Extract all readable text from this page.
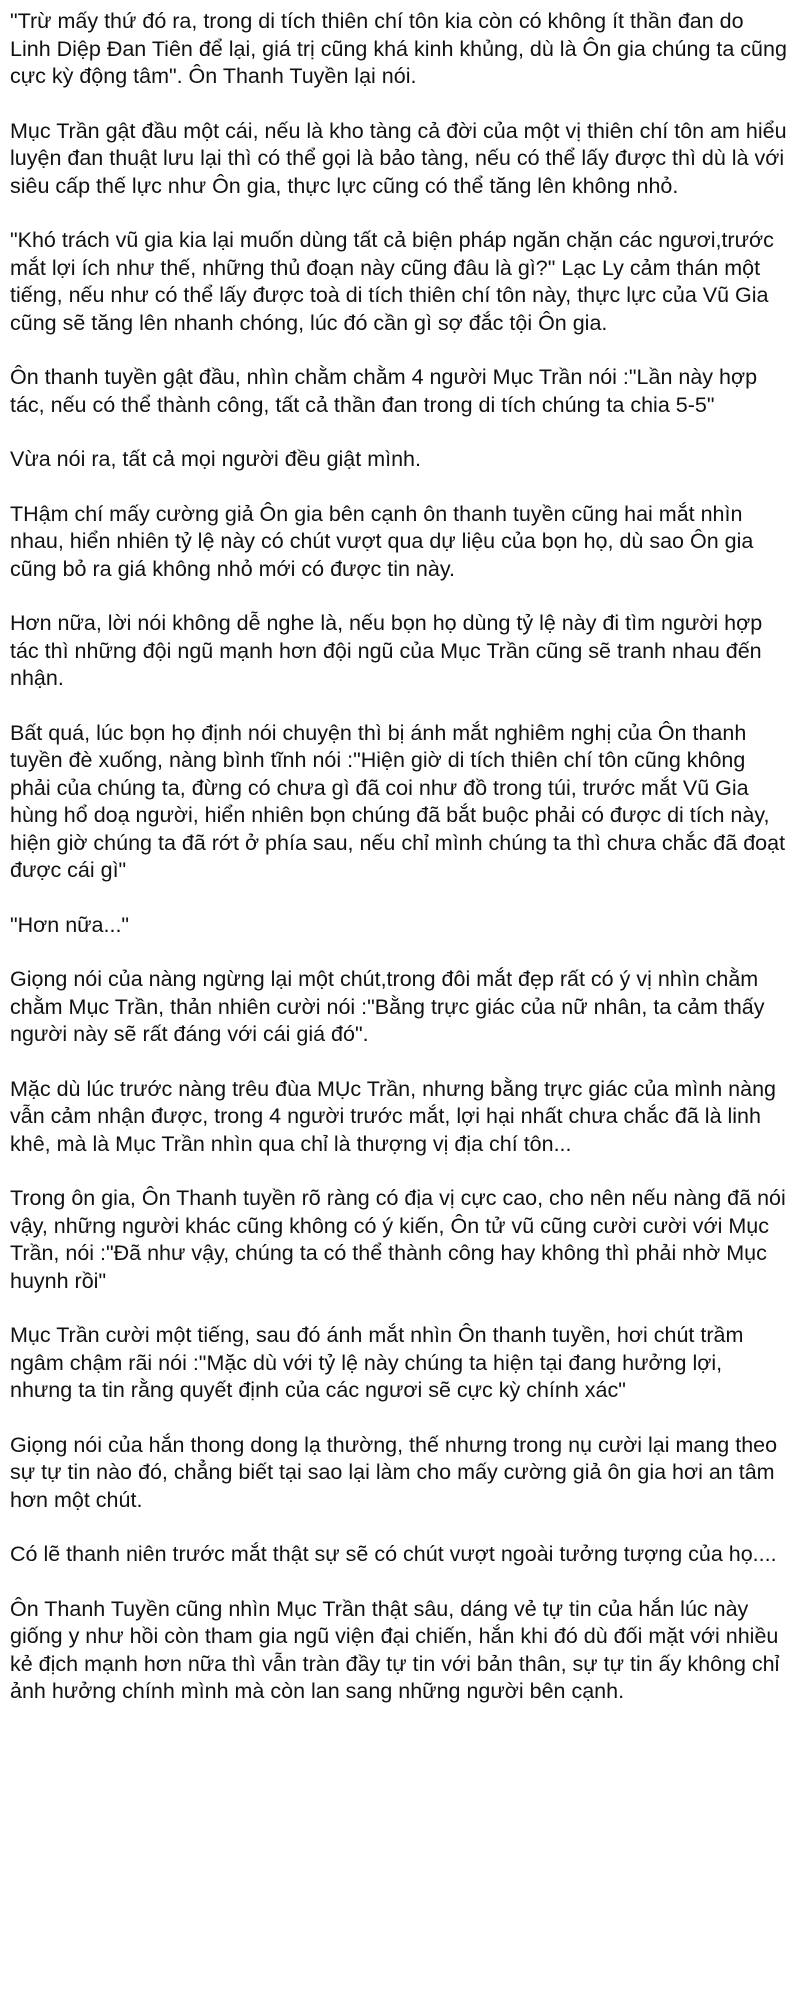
"Trừ mấy thứ đó ra, trong di tích thiên chí tôn kia còn có không ít thần đan do Linh Diệp Đan Tiên để lại, giá trị cũng khá kinh khủng, dù là Ôn gia chúng ta cũng cực kỳ động tâm". Ôn Thanh Tuyền lại nói.

Mục Trần gật đầu một cái, nếu là kho tàng cả đời của một vị thiên chí tôn am hiểu luyện đan thuật lưu lại thì có thể gọi là bảo tàng, nếu có thể lấy được thì dù là với siêu cấp thế lực như Ôn gia, thực lực cũng có thể tăng lên không nhỏ.

"Khó trách vũ gia kia lại muốn dùng tất cả biện pháp ngăn chặn các ngươi,trước mắt lợi ích như thế, những thủ đoạn này cũng đâu là gì?" Lạc Ly cảm thán một tiếng, nếu như có thể lấy được toà di tích thiên chí tôn này, thực lực của Vũ Gia cũng sẽ tăng lên nhanh chóng, lúc đó cần gì sợ đắc tội Ôn gia.

Ôn thanh tuyền gật đầu, nhìn chằm chằm 4 người Mục Trần nói :"Lần này hợp tác, nếu có thể thành công, tất cả thần đan trong di tích chúng ta chia 5-5"

Vừa nói ra, tất cả mọi người đều giật mình.

THậm chí mấy cường giả Ôn gia bên cạnh ôn thanh tuyền cũng hai mắt nhìn nhau, hiển nhiên tỷ lệ này có chút vượt qua dự liệu của bọn họ, dù sao Ôn gia cũng bỏ ra giá không nhỏ mới có được tin này.

Hơn nữa, lời nói không dễ nghe là, nếu bọn họ dùng tỷ lệ này đi tìm người hợp tác thì những đội ngũ mạnh hơn đội ngũ của Mục Trần cũng sẽ tranh nhau đến nhận.

Bất quá, lúc bọn họ định nói chuyện thì bị ánh mắt nghiêm nghị của Ôn thanh tuyền đè xuống, nàng bình tĩnh nói :"Hiện giờ di tích thiên chí tôn cũng không phải của chúng ta, đừng có chưa gì đã coi như đồ trong túi, trước mắt Vũ Gia hùng hổ doạ người, hiển nhiên bọn chúng đã bắt buộc phải có được di tích này, hiện giờ chúng ta đã rớt ở phía sau, nếu chỉ mình chúng ta thì chưa chắc đã đoạt được cái gì"

"Hơn nữa..."

Giọng nói của nàng ngừng lại một chút,trong đôi mắt đẹp rất có ý vị nhìn chằm chằm Mục Trần, thản nhiên cười nói :"Bằng trực giác của nữ nhân, ta cảm thấy người này sẽ rất đáng với cái giá đó".

Mặc dù lúc trước nàng trêu đùa MỤc Trần, nhưng bằng trực giác của mình nàng vẫn cảm nhận được, trong 4 người trước mắt, lợi hại nhất chưa chắc đã là linh khê, mà là Mục Trần nhìn qua chỉ là thượng vị địa chí tôn...

Trong ôn gia, Ôn Thanh tuyền rõ ràng có địa vị cực cao, cho nên nếu nàng đã nói vậy, những người khác cũng không có ý kiến, Ôn tử vũ cũng cười cười với Mục Trần, nói :"Đã như vậy, chúng ta có thể thành công hay không thì phải nhờ Mục huynh rồi"

Mục Trần cười một tiếng, sau đó ánh mắt nhìn Ôn thanh tuyền, hơi chút trầm ngâm chậm rãi nói :"Mặc dù với tỷ lệ này chúng ta hiện tại đang hưởng lợi, nhưng ta tin rằng quyết định của các ngươi sẽ cực kỳ chính xác"

Giọng nói của hắn thong dong lạ thường, thế nhưng trong nụ cười lại mang theo sự tự tin nào đó, chẳng biết tại sao lại làm cho mấy cường giả ôn gia hơi an tâm hơn một chút.

Có lẽ thanh niên trước mắt thật sự sẽ có chút vượt ngoài tưởng tượng của họ....

Ôn Thanh Tuyền cũng nhìn Mục Trần thật sâu, dáng vẻ tự tin của hắn lúc này giống y như hồi còn tham gia ngũ viện đại chiến, hắn khi đó dù đối mặt với nhiều kẻ địch mạnh hơn nữa thì vẫn tràn đầy tự tin với bản thân, sự tự tin ấy không chỉ ảnh hưởng chính mình mà còn lan sang những người bên cạnh.
